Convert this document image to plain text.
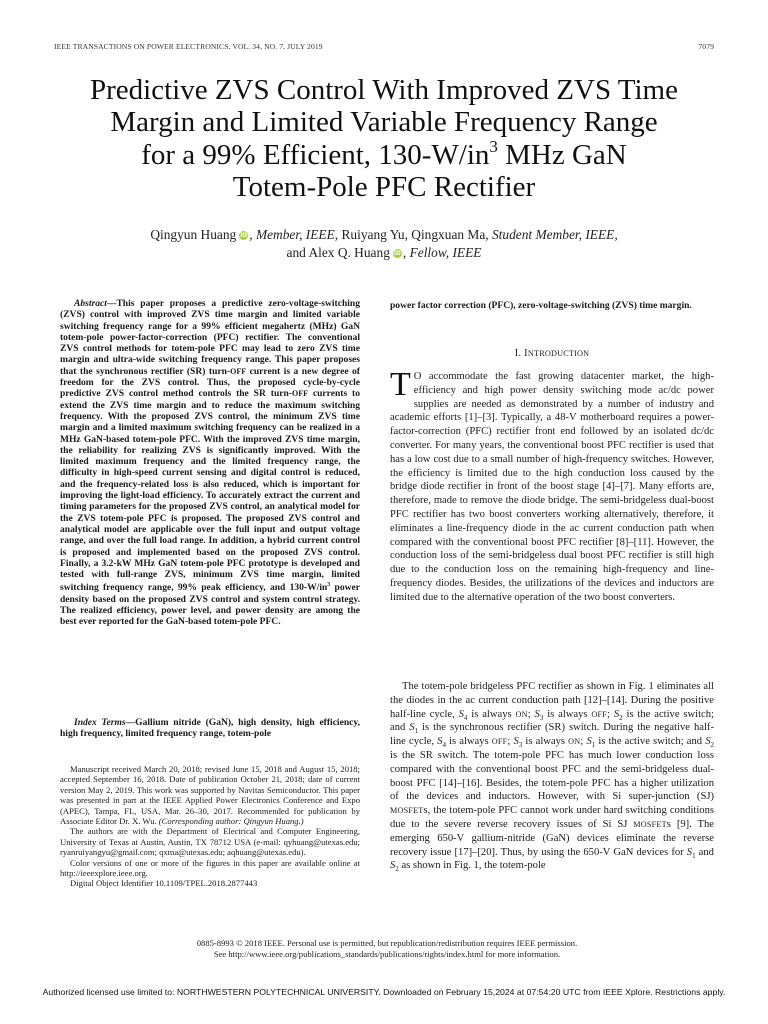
IEEE TRANSACTIONS ON POWER ELECTRONICS, VOL. 34, NO. 7, JULY 2019	7079
Predictive ZVS Control With Improved ZVS Time
Margin and Limited Variable Frequency Range
for a 99% Efficient, $130-W/in^3$ MHz GaN
Totem-Pole PFC Rectifier
Qingyun Huang iD , Member, IEEE, Ruiyang Yu, Qingxuan Ma, Student Member, IEEE,
and Alex Q. Huang iD , Fellow, IEEE

Abstract—This paper proposes a predictive zero-voltage-switching (ZVS) control with improved ZVS time margin and limited variable switching frequency range for a 99% efficient megahertz (MHz) GaN totem-pole power-factor-correction (PFC) rectifier. The conventional ZVS control methods for totem-pole PFC may lead to zero ZVS time margin and ultra-wide switching frequency range. This paper proposes that the synchronous rectifier (SR) turn-OFF current is a new degree of freedom for the ZVS control. Thus, the proposed cycle-by-cycle predictive ZVS control method controls the SR turn-OFF currents to extend the ZVS time margin and to reduce the maximum switching frequency. With the proposed ZVS control, the minimum ZVS time margin and a limited maximum switching frequency can be realized in a MHz GaN-based totem-pole PFC. With the improved ZVS time margin, the reliability for realizing ZVS is significantly improved. With the limited maximum frequency and the limited frequency range, the difficulty in high-speed current sensing and digital control is reduced, and the frequency-related loss is also reduced, which is important for improving the light-load efficiency. To accurately extract the current and timing parameters for the proposed ZVS control, an analytical model for the ZVS totem-pole PFC is proposed. The proposed ZVS control and analytical model are applicable over the full input and output voltage range, and over the full load range. In addition, a hybrid current control is proposed and implemented based on the proposed ZVS control. Finally, a 3.2-kW MHz GaN totem-pole PFC prototype is developed and tested with full-range ZVS, minimum ZVS time margin, limited switching frequency range, 99% peak efficiency, and $130-W/in^3$ power density based on the proposed ZVS control and system control strategy. The realized efficiency, power level, and power density are among the best ever reported for the GaN-based totem-pole PFC.

Index Terms—Gallium nitride (GaN), high density, high efficiency, high frequency, limited frequency range, totem-pole

Manuscript received March 20, 2018; revised June 15, 2018 and August 15, 2018; accepted September 16, 2018. Date of publication October 21, 2018; date of current version May 2, 2019. This work was supported by Navitas Semiconductor. This paper was presented in part at the IEEE Applied Power Electronics Conference and Expo (APEC), Tampa, FL, USA, Mar. 26–30, 2017. Recommended for publication by Associate Editor Dr. X. Wu. (Corresponding author: Qingyun Huang.)

The authors are with the Department of Electrical and Computer Engineering, University of Texas at Austin, Austin, TX 78712 USA (e-mail: qyhuang@utexas.edu; ryanruiyangyu@gmail.com; qxma@utexas.edu; aqhuang@utexas.edu).

Color versions of one or more of the figures in this paper are available online at http://ieeexplore.ieee.org.

Digital Object Identifier 10.1109/TPEL.2018.2877443

power factor correction (PFC), zero-voltage-switching (ZVS) time margin.

I. INTRODUCTION

T O accommodate the fast growing datacenter market, the high-efficiency and high power density switching mode ac/dc power supplies are needed as demonstrated by a number of industry and academic efforts [1]–[3]. Typically, a 48-V motherboard requires a power-factor-correction (PFC) rectifier front end followed by an isolated dc/dc converter. For many years, the conventional boost PFC rectifier is used that has a low cost due to a small number of high-frequency switches. However, the efficiency is limited due to the high conduction loss caused by the bridge diode rectifier in front of the boost stage [4]–[7]. Many efforts are, therefore, made to remove the diode bridge. The semi-bridgeless dual-boost PFC rectifier has two boost converters working alternatively, therefore, it eliminates a line-frequency diode in the ac current conduction path when compared with the conventional boost PFC rectifier [8]–[11]. However, the conduction loss of the semi-bridgeless dual boost PFC rectifier is still high due to the conduction loss on the remaining high-frequency and line-frequency diodes. Besides, the utilizations of the devices and inductors are limited due to the alternative operation of the two boost converters.

The totem-pole bridgeless PFC rectifier as shown in Fig. 1 eliminates all the diodes in the ac current conduction path [12]–[14]. During the positive half-line cycle, $S_4$ is always ON; $S_3$ is always OFF; $S_2$ is the active switch; and $S_1$ is the synchronous rectifier (SR) switch. During the negative half-line cycle, $S_4$ is always OFF; $S_3$ is always ON; $S_1$ is the active switch; and $S_2$ is the SR switch. The totem-pole PFC has much lower conduction loss compared with the conventional boost PFC and the semi-bridgeless dual-boost PFC [14]–[16]. Besides, the totem-pole PFC has a higher utilization of the devices and inductors. However, with Si super-junction (SJ) MOSFETs, the totem-pole PFC cannot work under hard switching conditions due to the severe reverse recovery issues of Si SJ MOSFETs [9]. The emerging 650-V gallium-nitride (GaN) devices eliminate the reverse recovery issue [17]–[20]. Thus, by using the 650-V GaN devices for $S_1$ and $S_2$ as shown in Fig. 1, the totem-pole

0885-8993 © 2018 IEEE. Personal use is permitted, but republication/redistribution requires IEEE permission.
See http://www.ieee.org/publications_standards/publications/rights/index.html for more information.
Authorized licensed use limited to: NORTHWESTERN POLYTECHNICAL UNIVERSITY. Downloaded on February 15,2024 at 07:54:20 UTC from IEEE Xplore. Restrictions apply.
